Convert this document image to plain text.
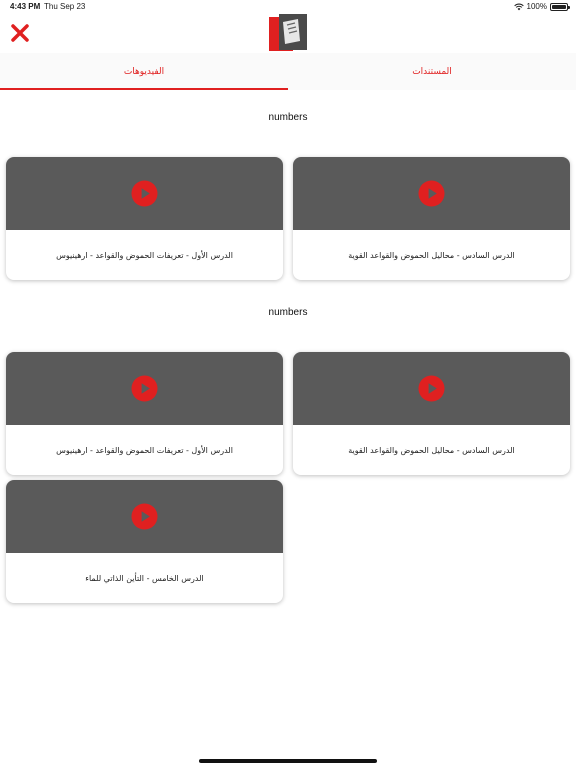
4:43 PM Thu Sep 23	100%
الفيديوهات	المستندات
numbers
الدرس السادس - محاليل الحموض والقواعد القوية
الدرس الأول - تعريفات الحموض والقواعد - ارهينيوس
numbers
الدرس السادس - محاليل الحموض والقواعد القوية
الدرس الأول - تعريفات الحموض والقواعد - ارهينيوس
الدرس الخامس - التأين الذاتي للماء
